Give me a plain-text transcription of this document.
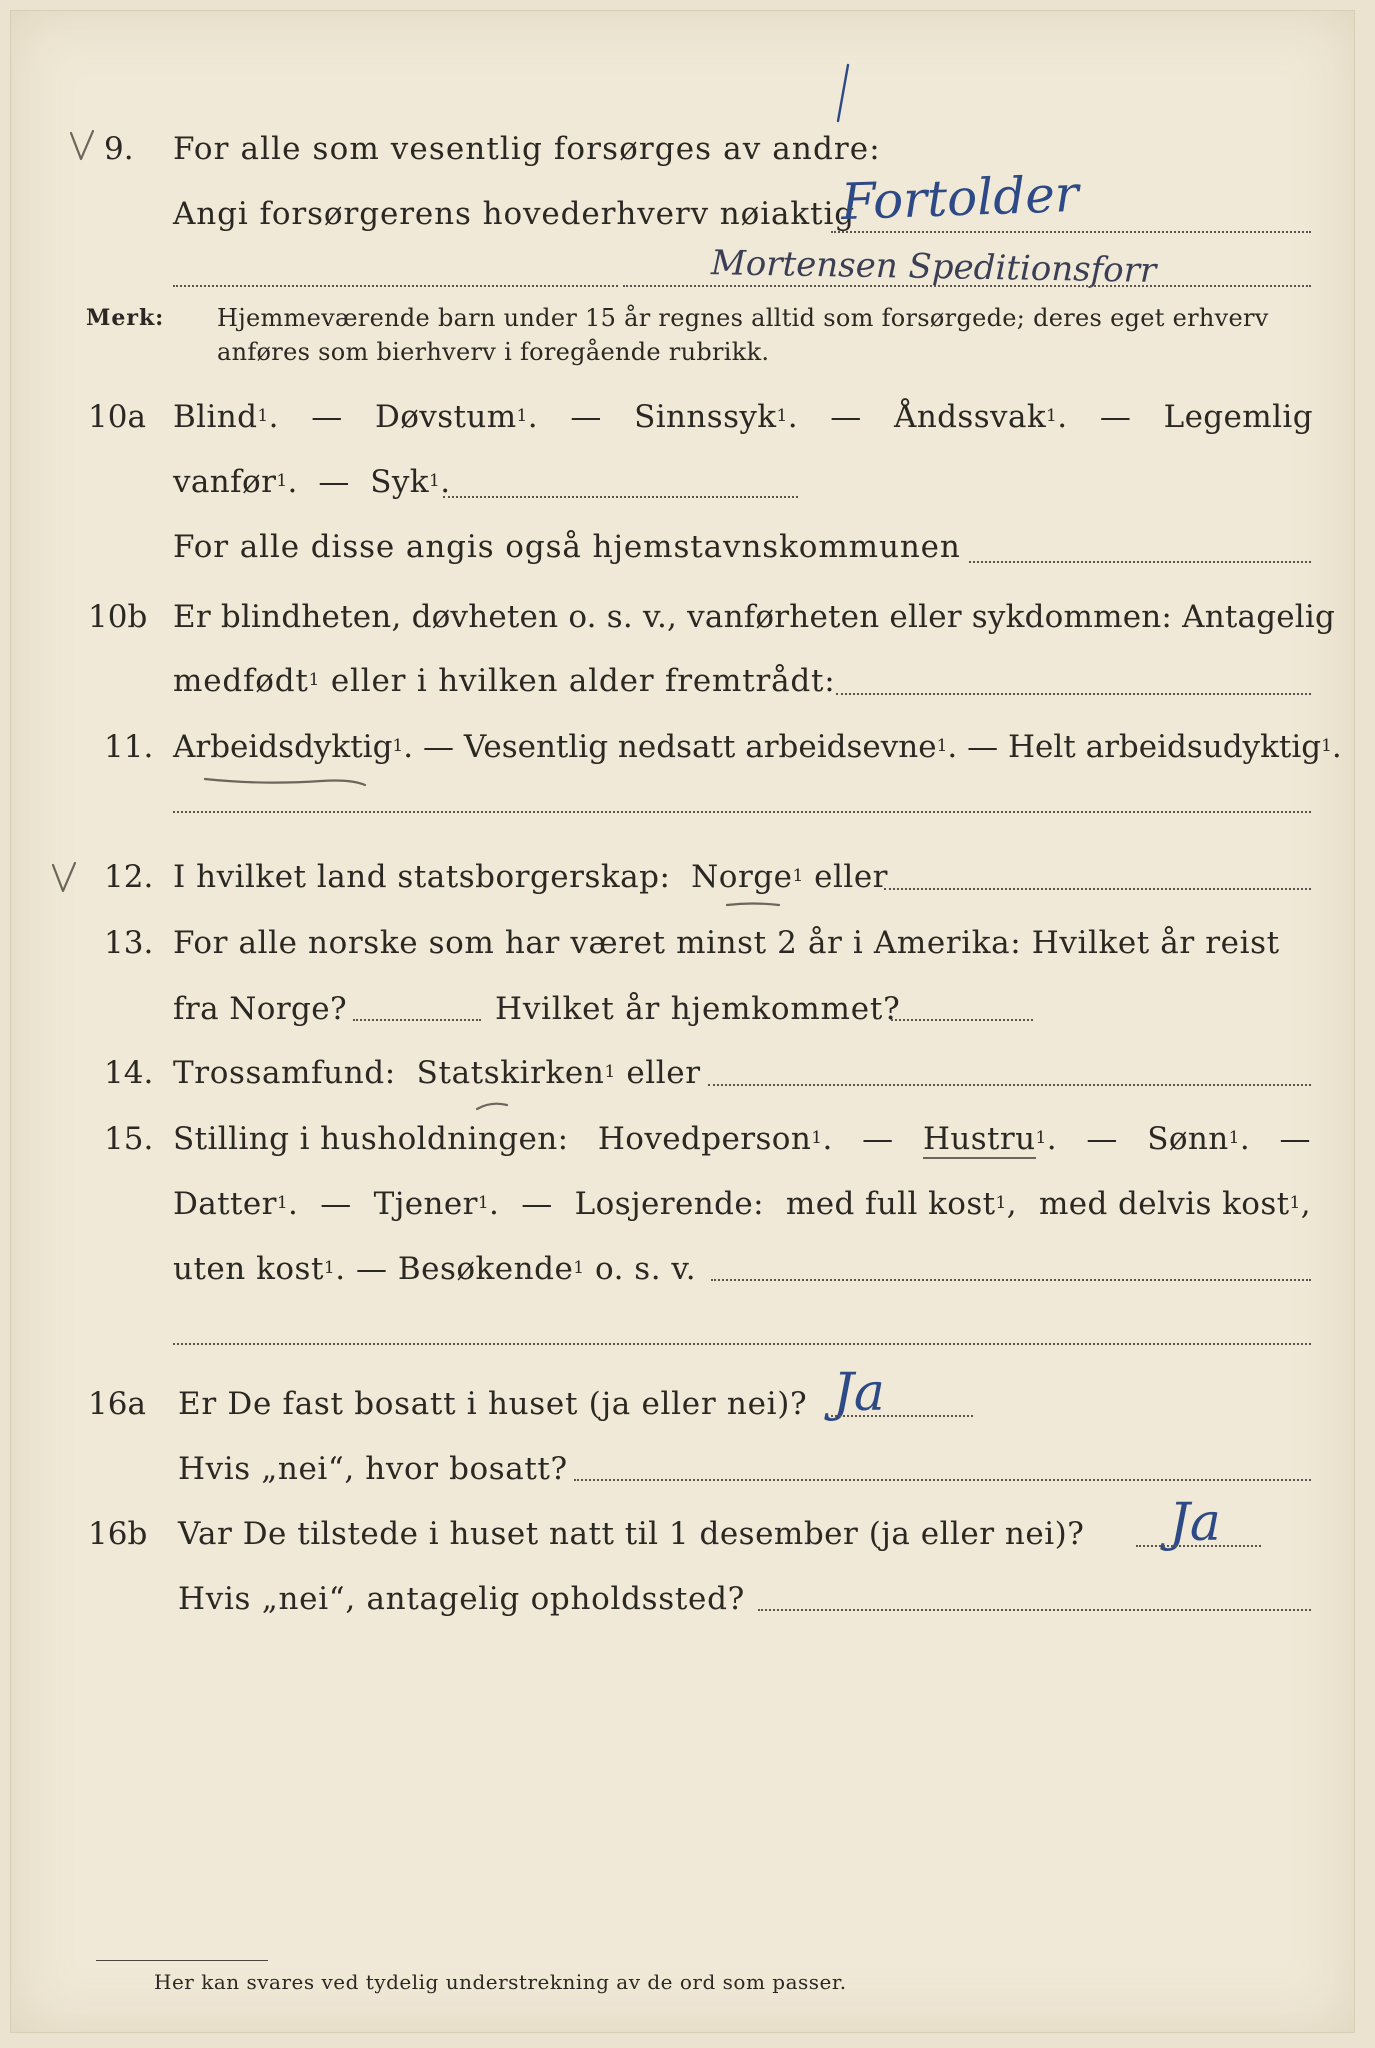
9. For alle som vesentlig forsørges av andre:
Angi forsørgerens hovederhverv nøiaktig
Fortolder
Mortensen Speditionsforr
Merk: Hjemmeværende barn under 15 år regnes alltid som forsørgede; deres eget erhverv
anføres som bierhverv i foregående rubrikk.
10a Blind$^1$. — Døvstum$^1$. — Sinnssyk$^1$. — Åndssvak$^1$. — Legemlig
vanfør$^1$.  — Syk$^1$.
For alle disse angis også hjemstavnskommunen
10b Er blindheten, døvheten o. s. v., vanførheten eller sykdommen: Antagelig
medfødt$^1$ eller i hvilken alder fremtrådt:
11. Arbeidsdyktig$^1$. — Vesentlig nedsatt arbeidsevne$^1$. — Helt arbeidsudyktig$^1$.
12. I hvilket land statsborgerskap: Norge$^1$ eller
13. For alle norske som har været minst 2 år i Amerika: Hvilket år reist
fra Norge?	Hvilket år hjemkommet?
14. Trossamfund: Statskirken$^1$ eller
15. Stilling i husholdningen: Hovedperson$^1$. — Hustru$^1$. — Sønn$^1$. —
Datter$^1$. — Tjener$^1$. — Losjerende: med full kost$^1$, med delvis kost$^1$,
uten kost$^1$. — Besøkende$^1$ o. s. v.
16a Er De fast bosatt i huset (ja eller nei)? Ja
Hvis „nei“, hvor bosatt?
16b Var De tilstede i huset natt til 1 desember (ja eller nei)? Ja
Hvis „nei“, antagelig opholdssted?
Her kan svares ved tydelig understrekning av de ord som passer.
